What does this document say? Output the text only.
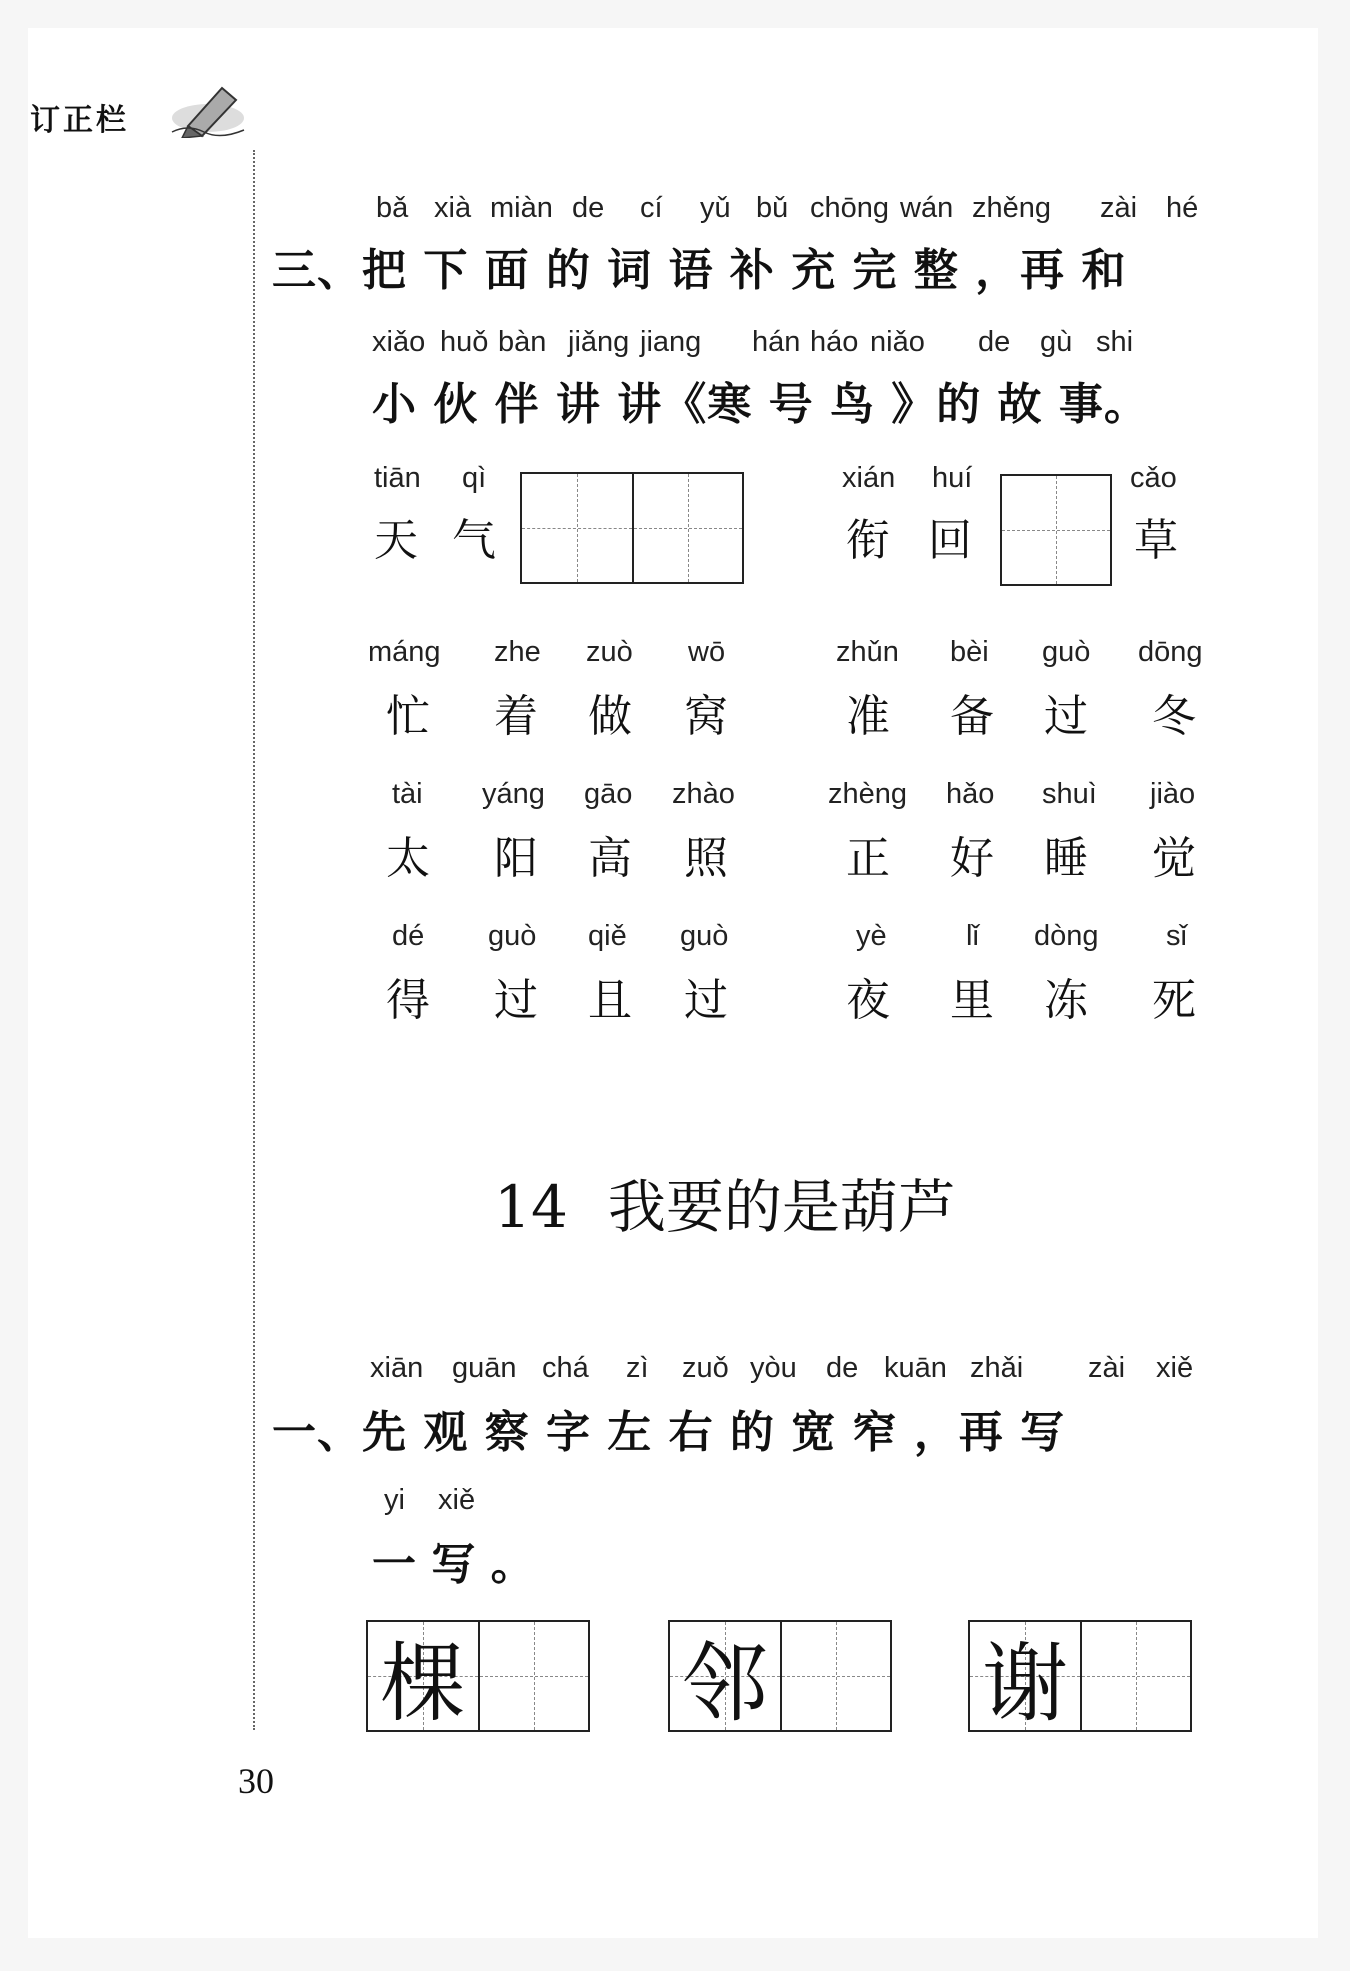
订正栏
bǎ xià miàn de cí yǔ bǔ chōng wán zhěng zài hé
三、把 下 面 的 词 语 补 充 完 整 ，再 和
xiǎo huǒ bàn jiǎng jiang hán háo niǎo de gù shi
小 伙 伴 讲 讲《寒 号 鸟 》的 故 事。
tiān qì
天 气
xián huí	cǎo
衔 回	草
máng zhe zuò wō	zhǔn bèi guò dōng
忙 着 做 窝	准 备 过 冬
tài yáng gāo zhào	zhèng hǎo shuì jiào
太 阳 高 照	正 好 睡 觉
dé guò qiě guò	yè	lǐ dòng sǐ
得 过 且 过	夜 里 冻 死
14 我要的是葫芦
xiān guān chá zì zuǒ yòu de kuān zhǎi zài xiě
一、先 观 察 字 左 右 的 宽 窄 ，再 写
yi xiě
一 写 。
棵	邻 谢
30
